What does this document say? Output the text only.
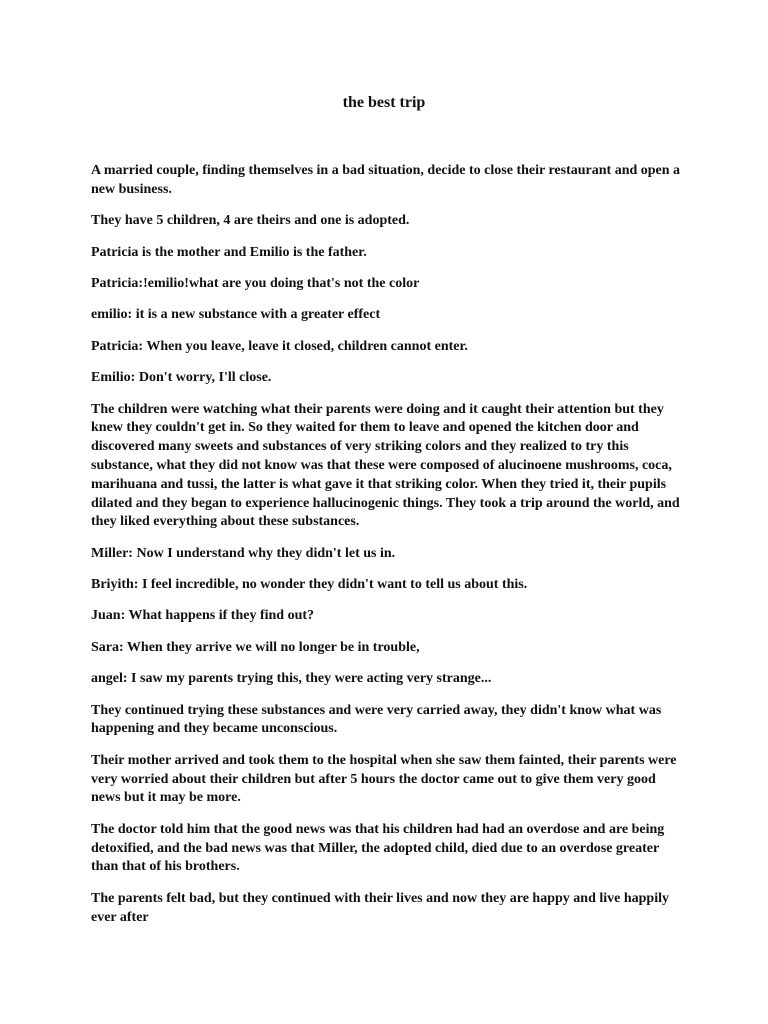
the best trip

A married couple, finding themselves in a bad situation, decide to close their restaurant and open a new business.

They have 5 children, 4 are theirs and one is adopted.

Patricia is the mother and Emilio is the father.

Patricia:!emilio!what are you doing that's not the color

emilio: it is a new substance with a greater effect

Patricia: When you leave, leave it closed, children cannot enter.

Emilio: Don't worry, I'll close.

The children were watching what their parents were doing and it caught their attention but they knew they couldn't get in. So they waited for them to leave and opened the kitchen door and discovered many sweets and substances of very striking colors and they realized to try this substance, what they did not know was that these were composed of alucinoene mushrooms, coca, marihuana and tussi, the latter is what gave it that striking color. When they tried it, their pupils dilated and they began to experience hallucinogenic things. They took a trip around the world, and they liked everything about these substances.

Miller: Now I understand why they didn't let us in.

Briyith: I feel incredible, no wonder they didn't want to tell us about this.

Juan: What happens if they find out?

Sara: When they arrive we will no longer be in trouble,

angel: I saw my parents trying this, they were acting very strange...

They continued trying these substances and were very carried away, they didn't know what was happening and they became unconscious.

Their mother arrived and took them to the hospital when she saw them fainted, their parents were very worried about their children but after 5 hours the doctor came out to give them very good news but it may be more.

The doctor told him that the good news was that his children had had an overdose and are being detoxified, and the bad news was that Miller, the adopted child, died due to an overdose greater than that of his brothers.

The parents felt bad, but they continued with their lives and now they are happy and live happily ever after
